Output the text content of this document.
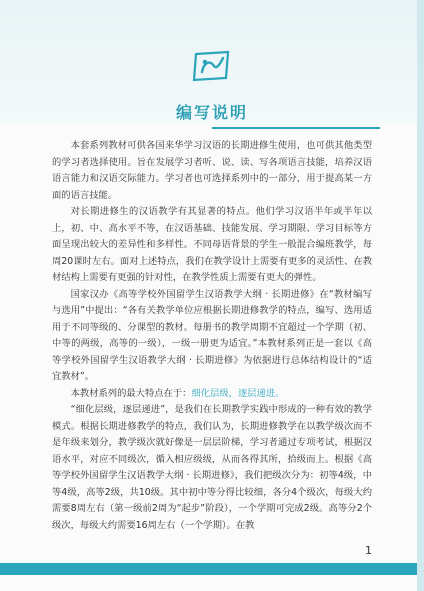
编写说明

本套系列教材可供各国来华学习汉语的长期进修生使用，也可供其他类型的学习者选择使用。旨在发展学习者听、说、读、写各项语言技能，培养汉语语言能力和汉语交际能力。学习者也可选择系列中的一部分，用于提高某一方面的语言技能。

对长期进修生的汉语教学有其显著的特点。他们学习汉语半年或半年以上，初、中、高水平不等，在汉语基础、技能发展、学习期限、学习目标等方面呈现出较大的差异性和多样性。不同母语背景的学生一般混合编班教学，每周20课时左右。面对上述特点，我们在教学设计上需要有更多的灵活性、在教材结构上需要有更强的针对性，在教学性质上需要有更大的弹性。

国家汉办《高等学校外国留学生汉语教学大纲 · 长期进修》在“教材编写与选用”中提出：“各有关教学单位应根据长期进修教学的特点，编写、选用适用于不同等级的、分课型的教材。每册书的教学周期不宜超过一个学期（初、中等的两级，高等的一级），一级一册更为适宜。”本教材系列正是一套以《高等学校外国留学生汉语教学大纲 · 长期进修》为依据进行总体结构设计的“适宜教材”。

本教材系列的最大特点在于：细化层级，逐层递进。

“细化层级，逐层递进”，是我们在长期教学实践中形成的一种有效的教学模式。根据长期进修教学的特点，我们认为，长期进修教学在以教学级次而不是年级来划分，教学级次就好像是一层层阶梯，学习者通过专项考试，根据汉语水平，对应不同级次，循入相应级级，从而各得其所，拾级而上。根据《高等学校外国留学生汉语教学大纲 · 长期进修》，我们把级次分为：初等4级，中等4级，高等2级，共10级。其中初中等分得比较细，各分4个级次，每级大约需要8周左右（第一级前2周为“起步”阶段），一个学期可完成2级。高等分2个级次，每级大约需要16周左右（一个学期）。在教

1
